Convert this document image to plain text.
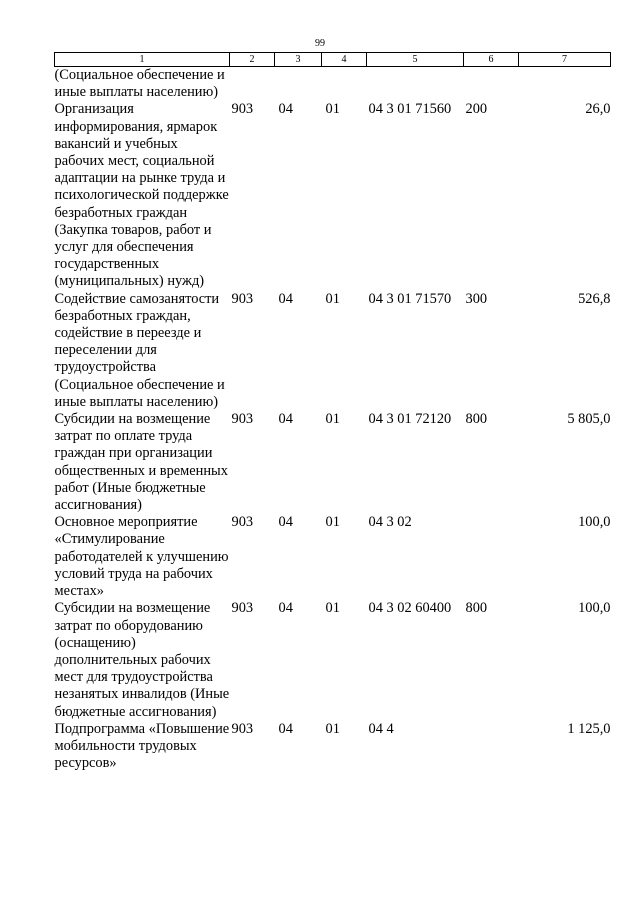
99
1	2	3	4	5	6	7
(Социальное обеспечение и иные выплаты населению)						
Организация информирования, ярмарок вакансий и учебных рабочих мест, социальной адаптации на рынке труда и психологической поддержке безработных граждан (Закупка товаров, работ и услуг для обеспечения государственных (муниципальных) нужд)	903	04	01	04 3 01 71560	200	26,0
Содействие самозанятости безработных граждан, содействие в переезде и переселении для трудоустройства (Социальное обеспечение и иные выплаты населению)	903	04	01	04 3 01 71570	300	526,8
Субсидии на возмещение затрат по оплате труда граждан при организации общественных и временных работ (Иные бюджетные ассигнования)	903	04	01	04 3 01 72120	800	5 805,0
Основное мероприятие «Стимулирование работодателей к улучшению условий труда на рабочих местах»	903	04	01	04 3 02		100,0
Субсидии на возмещение затрат по оборудованию (оснащению) дополнительных рабочих мест для трудоустройства незанятых инвалидов (Иные бюджетные ассигнования)	903	04	01	04 3 02 60400	800	100,0
Подпрограмма «Повышение мобильности трудовых ресурсов»	903	04	01	04 4		1 125,0
